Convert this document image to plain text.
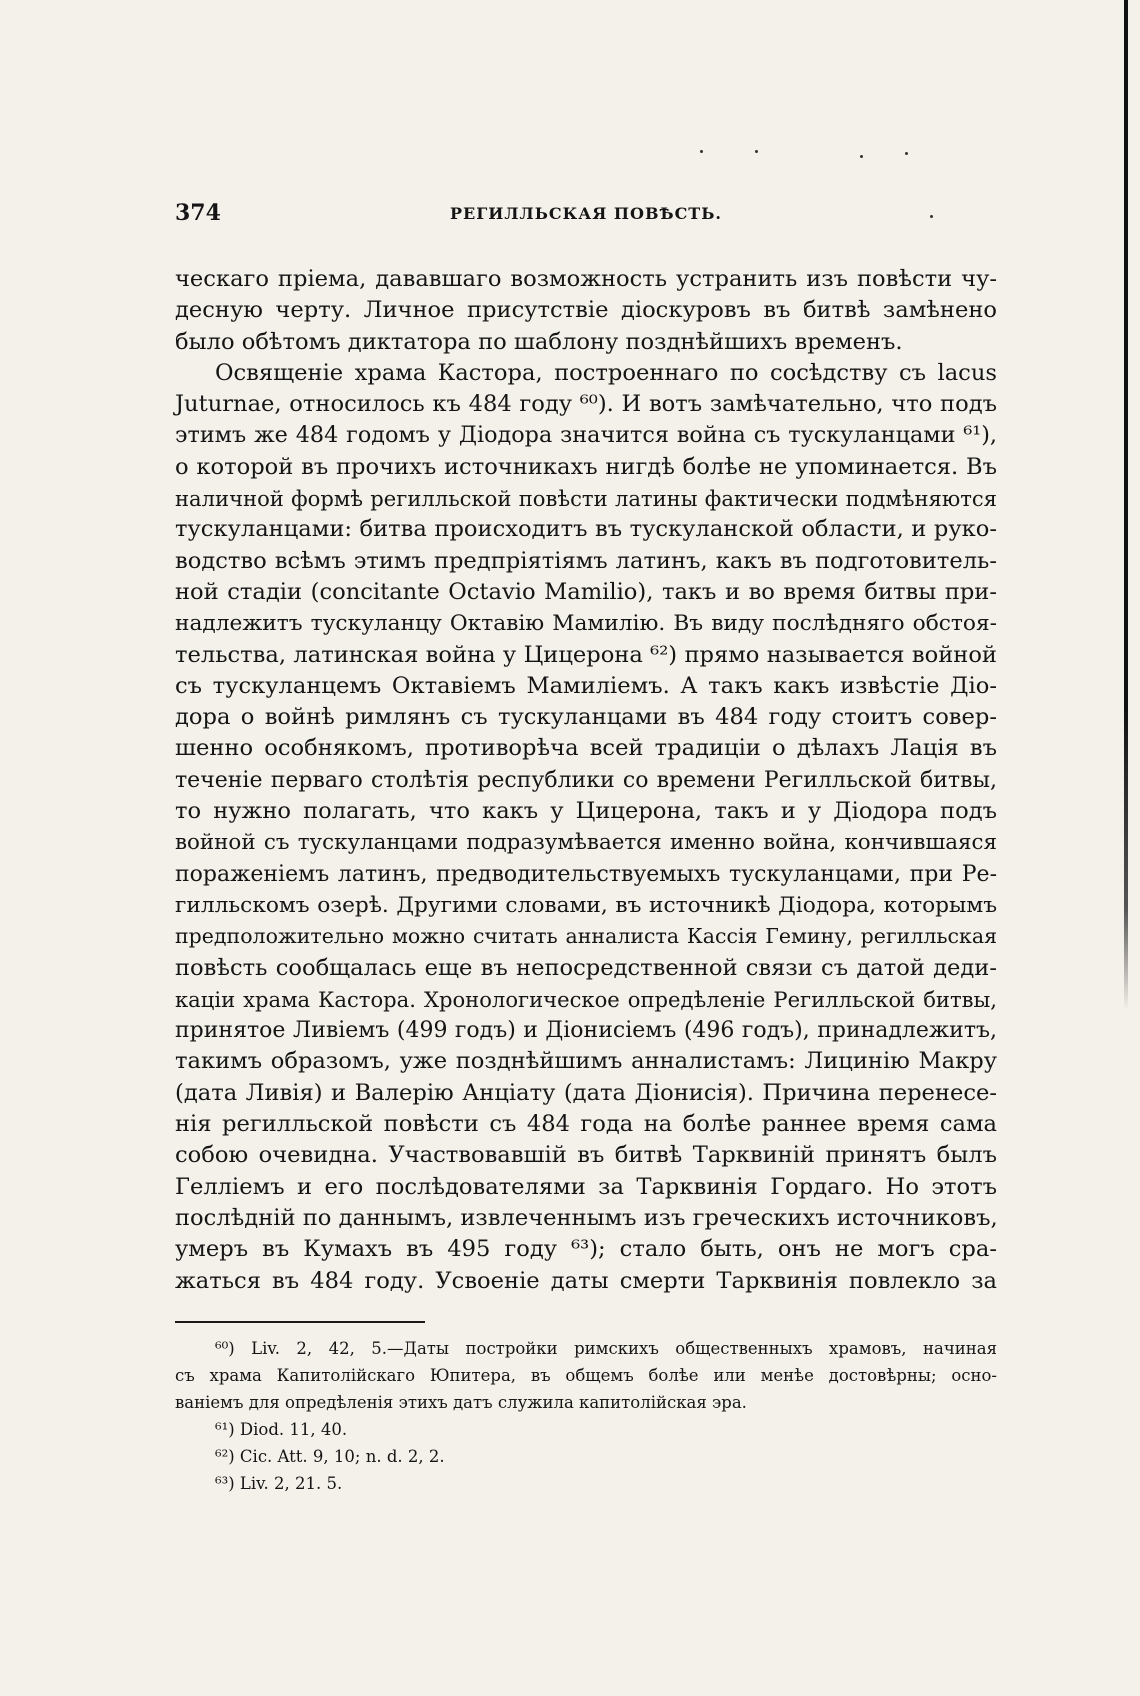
374	РЕГИЛЛЬСКАЯ ПОВѢСТЬ.
ческаго пріема, дававшаго возможность устранить изъ повѣсти чу-
десную черту. Личное присутствіе діоскуровъ въ битвѣ замѣнено
было обѣтомъ диктатора по шаблону позднѣйшихъ временъ.
Освященіе храма Кастора, построеннаго по сосѣдству съ lacus
Juturnae, относилось къ 484 году ⁶⁰). И вотъ замѣчательно, что подъ
этимъ же 484 годомъ у Діодора значится война съ тускуланцами ⁶¹),
о которой въ прочихъ источникахъ нигдѣ болѣе не упоминается. Въ
наличной формѣ регилльской повѣсти латины фактически подмѣняются
тускуланцами: битва происходитъ въ тускуланской области, и руко-
водство всѣмъ этимъ предпріятіямъ латинъ, какъ въ подготовитель-
ной стадіи (concitante Octavio Mamilio), такъ и во время битвы при-
надлежитъ тускуланцу Октавію Мамилію. Въ виду послѣдняго обстоя-
тельства, латинская война у Цицерона ⁶²) прямо называется войной
съ тускуланцемъ Октавіемъ Мамиліемъ. А такъ какъ извѣстіе Діо-
дора о войнѣ римлянъ съ тускуланцами въ 484 году стоитъ совер-
шенно особнякомъ, противорѣча всей традиціи о дѣлахъ Лація въ
теченіе перваго столѣтія республики со времени Регилльской битвы,
то нужно полагать, что какъ у Цицерона, такъ и у Діодора подъ
войной съ тускуланцами подразумѣвается именно война, кончившаяся
пораженіемъ латинъ, предводительствуемыхъ тускуланцами, при Ре-
гилльскомъ озерѣ. Другими словами, въ источникѣ Діодора, которымъ
предположительно можно считать анналиста Кассія Гемину, регилльская
повѣсть сообщалась еще въ непосредственной связи съ датой деди-
каціи храма Кастора. Хронологическое опредѣленіе Регилльской битвы,
принятое Ливіемъ (499 годъ) и Діонисіемъ (496 годъ), принадлежитъ,
такимъ образомъ, уже позднѣйшимъ анналистамъ: Лицинію Макру
(дата Ливія) и Валерію Анціату (дата Діонисія). Причина перенесе-
нія регилльской повѣсти съ 484 года на болѣе раннее время сама
собою очевидна. Участвовавшій въ битвѣ Тарквиній принятъ былъ
Гелліемъ и его послѣдователями за Тарквинія Гордаго. Но этотъ
послѣдній по даннымъ, извлеченнымъ изъ греческихъ источниковъ,
умеръ въ Кумахъ въ 495 году ⁶³); стало быть, онъ не могъ сра-
жаться въ 484 году. Усвоеніе даты смерти Тарквинія повлекло за
⁶⁰) Liv. 2, 42, 5.—Даты постройки римскихъ общественныхъ храмовъ, начиная
съ храма Капитолійскаго Юпитера, въ общемъ болѣе или менѣе достовѣрны; осно-
ваніемъ для опредѣленія этихъ датъ служила капитолійская эра.
⁶¹) Diod. 11, 40.
⁶²) Cic. Att. 9, 10; n. d. 2, 2.
⁶³) Liv. 2, 21. 5.
